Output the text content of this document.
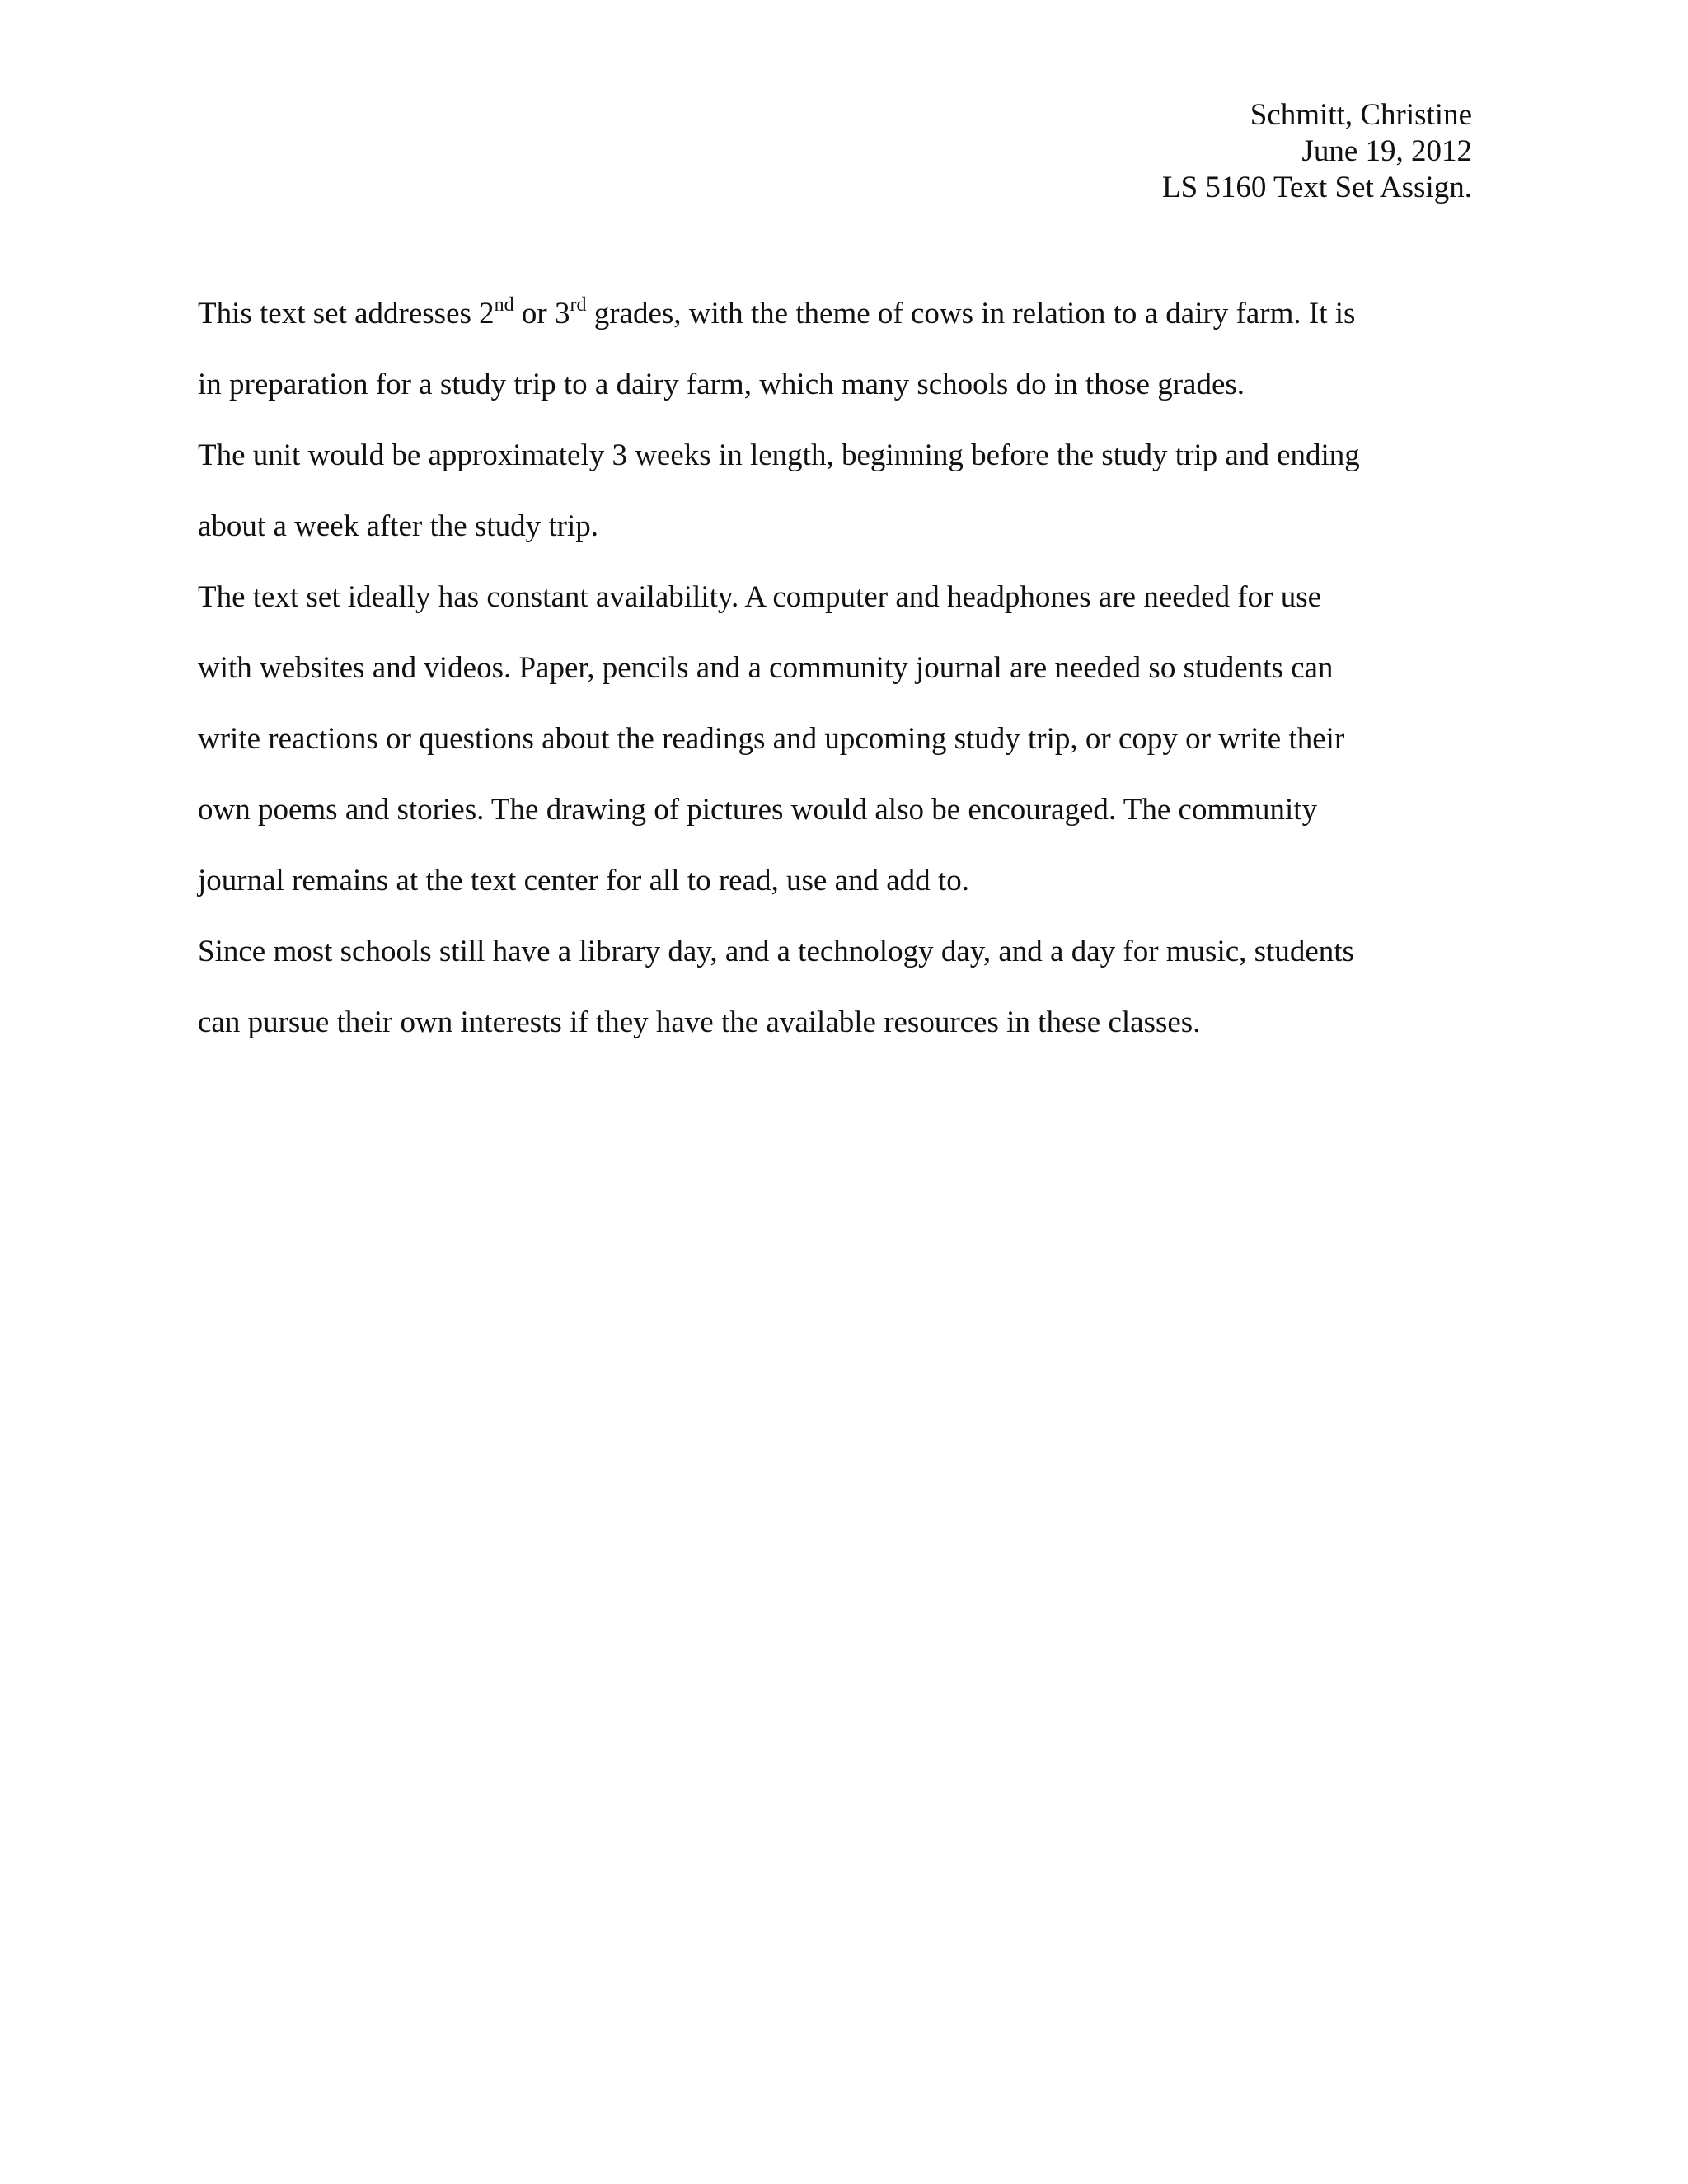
Schmitt, Christine
June 19, 2012
LS 5160 Text Set Assign.
This text set addresses 2nd or 3rd grades, with the theme of cows in relation to a dairy farm. It is
in preparation for a study trip to a dairy farm, which many schools do in those grades.
The unit would be approximately 3 weeks in length, beginning before the study trip and ending
about a week after the study trip.
The text set ideally has constant availability. A computer and headphones are needed for use
with websites and videos. Paper, pencils and a community journal are needed so students can
write reactions or questions about the readings and upcoming study trip, or copy or write their
own poems and stories. The drawing of pictures would also be encouraged. The community
journal remains at the text center for all to read, use and add to.
Since most schools still have a library day, and a technology day, and a day for music, students
can pursue their own interests if they have the available resources in these classes.
